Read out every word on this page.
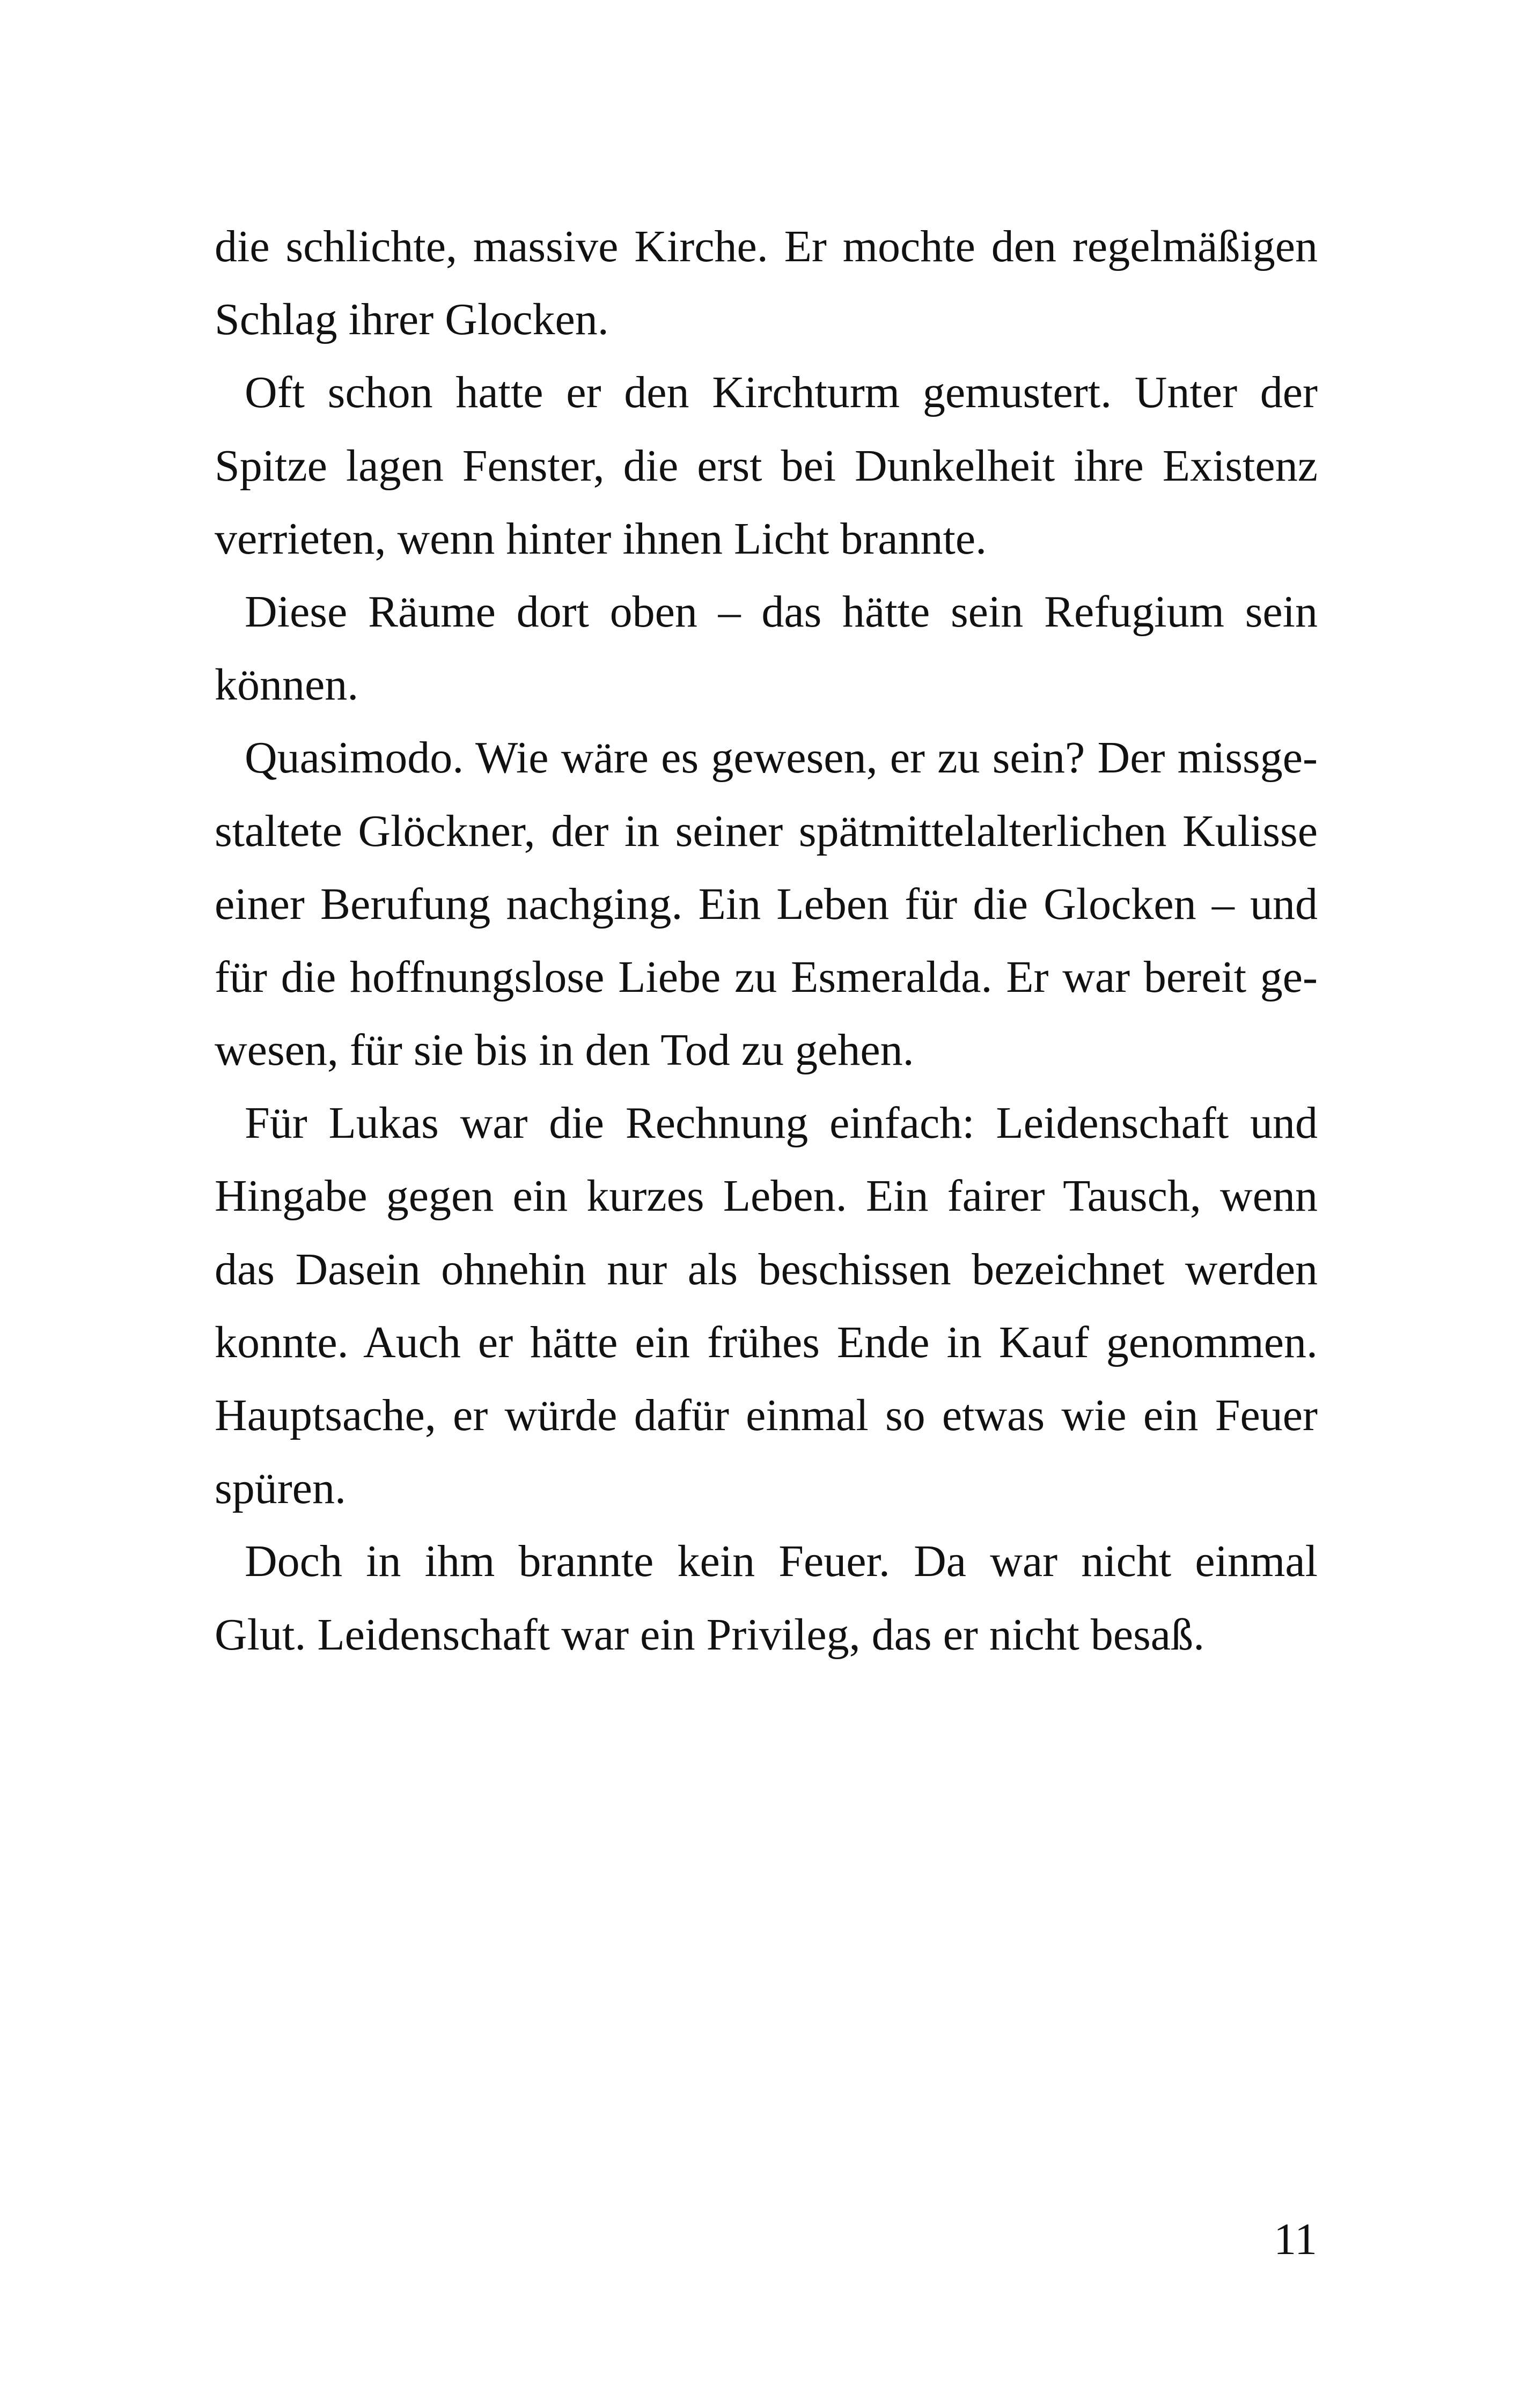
die schlichte, massive Kirche. Er mochte den regelmäßigen
Schlag ihrer Glocken.
Oft schon hatte er den Kirchturm gemustert. Unter der
Spitze lagen Fenster, die erst bei Dunkelheit ihre Existenz
verrieten, wenn hinter ihnen Licht brannte.
Diese Räume dort oben – das hätte sein Refugium sein
können.
Quasimodo. Wie wäre es gewesen, er zu sein? Der missge-
staltete Glöckner, der in seiner spätmittelalterlichen Kulisse
einer Berufung nachging. Ein Leben für die Glocken – und
für die hoffnungslose Liebe zu Esmeralda. Er war bereit ge-
wesen, für sie bis in den Tod zu gehen.
Für Lukas war die Rechnung einfach: Leidenschaft und
Hingabe gegen ein kurzes Leben. Ein fairer Tausch, wenn
das Dasein ohnehin nur als beschissen bezeichnet werden
konnte. Auch er hätte ein frühes Ende in Kauf genommen.
Hauptsache, er würde dafür einmal so etwas wie ein Feuer
spüren.
Doch in ihm brannte kein Feuer. Da war nicht einmal
Glut. Leidenschaft war ein Privileg, das er nicht besaß.
11
